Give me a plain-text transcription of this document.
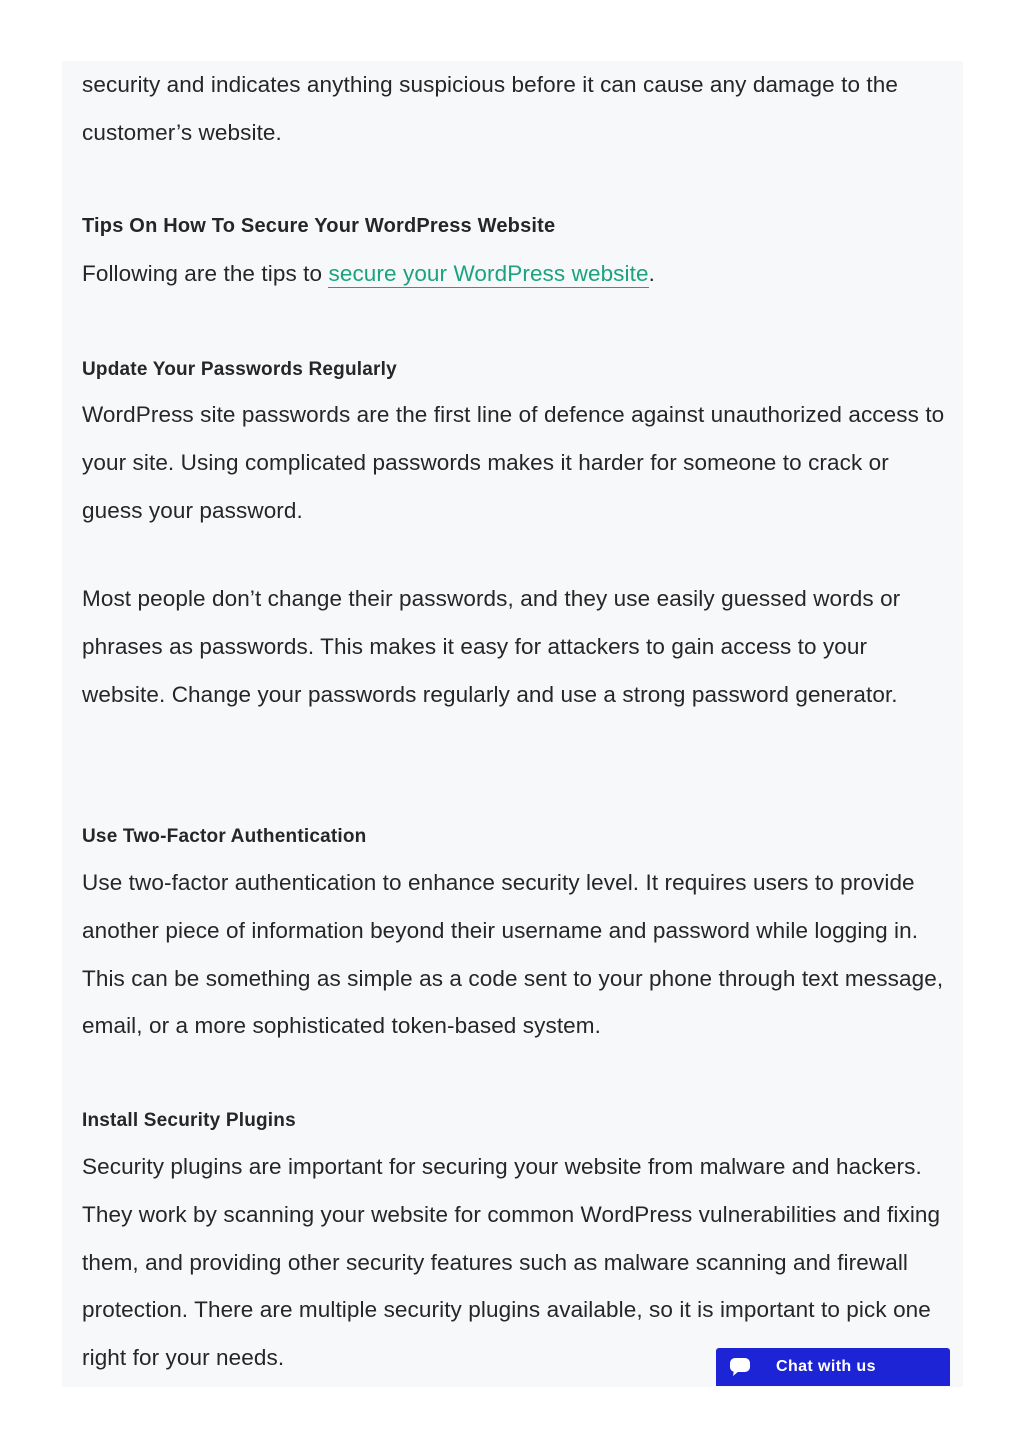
security and indicates anything suspicious before it can cause any damage to the customer’s website.

Tips On How To Secure Your WordPress Website

Following are the tips to secure your WordPress website.

Update Your Passwords Regularly

WordPress site passwords are the first line of defence against unauthorized access to your site. Using complicated passwords makes it harder for someone to crack or guess your password.

Most people don’t change their passwords, and they use easily guessed words or phrases as passwords. This makes it easy for attackers to gain access to your website. Change your passwords regularly and use a strong password generator.

Use Two-Factor Authentication

Use two-factor authentication to enhance security level. It requires users to provide another piece of information beyond their username and password while logging in. This can be something as simple as a code sent to your phone through text message, email, or a more sophisticated token-based system.

Install Security Plugins

Security plugins are important for securing your website from malware and hackers. They work by scanning your website for common WordPress vulnerabilities and fixing them, and providing other security features such as malware scanning and firewall protection. There are multiple security plugins available, so it is important to pick one right for your needs.	Chat with us
